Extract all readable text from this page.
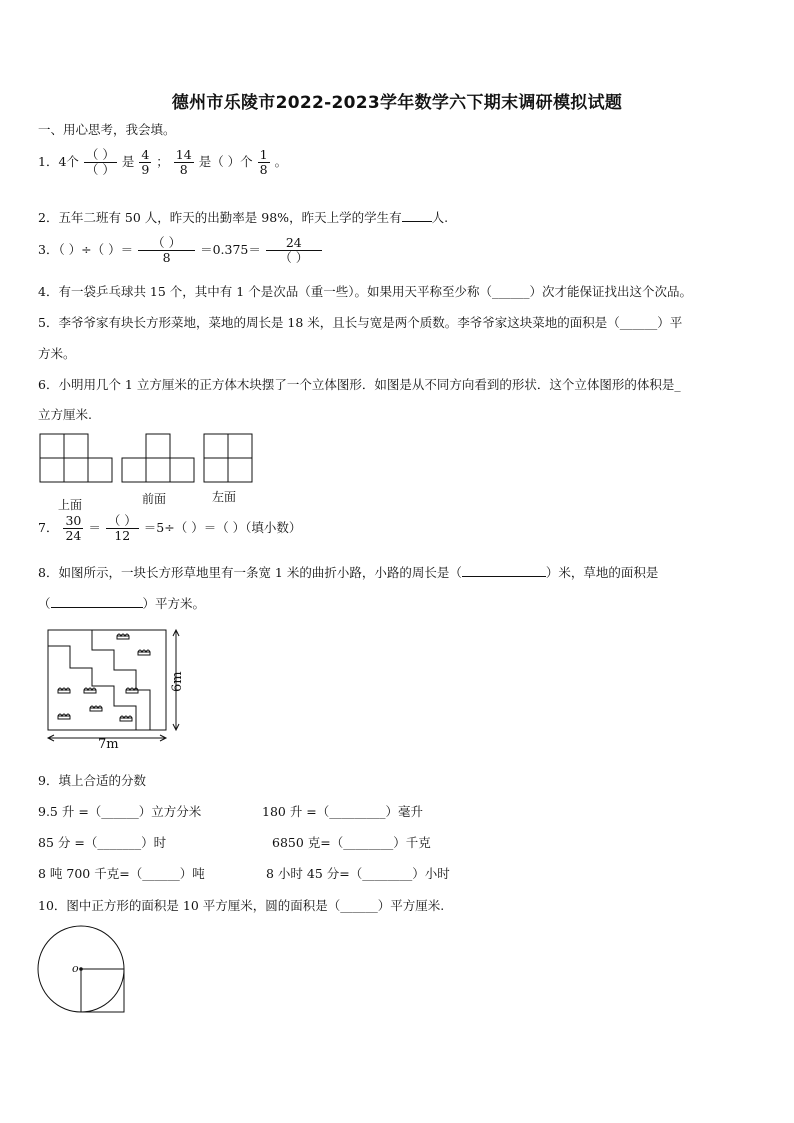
德州市乐陵市2022-2023学年数学六下期末调研模拟试题
一、用心思考，我会填。
1．4个 $\frac{( )}{( )}$ 是 $\frac{4}{9}$ ； $\frac{14}{8}$ 是（ ）个 $\frac{1}{8}$ 。
2．五年二班有 50 人，昨天的出勤率是 98%，昨天上学的学生有 人.
3．（ ）÷（ ）＝ $\frac{( )}{8} =0.375= \frac{24}{( )}$
4．有一袋乒乓球共 15 个，其中有 1 个是次品（重一些）。如果用天平称至少称（______）次才能保证找出这个次品。
5．李爷爷家有块长方形菜地，菜地的周长是 18 米，且长与宽是两个质数。李爷爷家这块菜地的面积是（______）平
方米。
6．小明用几个 1 立方厘米的正方体木块摆了一个立体图形．如图是从不同方向看到的形状．这个立体图形的体积是_
立方厘米.
上面	前面	左面
7． $\frac{30}{24} = \frac{( )}{12} =5\div$（ ）＝（ ）（填小数）
8．如图所示，一块长方形草地里有一条宽 1 米的曲折小路，小路的周长是（	）米，草地的面积是
（	）平方米。
7m
6m
9．填上合适的分数
9.5 升 =（______）立方分米	180 升 =（_________）毫升
85 分 =（_______）时	6850 克=（________）千克
8 吨 700 千克=（______）吨	8 小时 45 分=（________）小时
10．图中正方形的面积是 10 平方厘米，圆的面积是（______）平方厘米.
o
